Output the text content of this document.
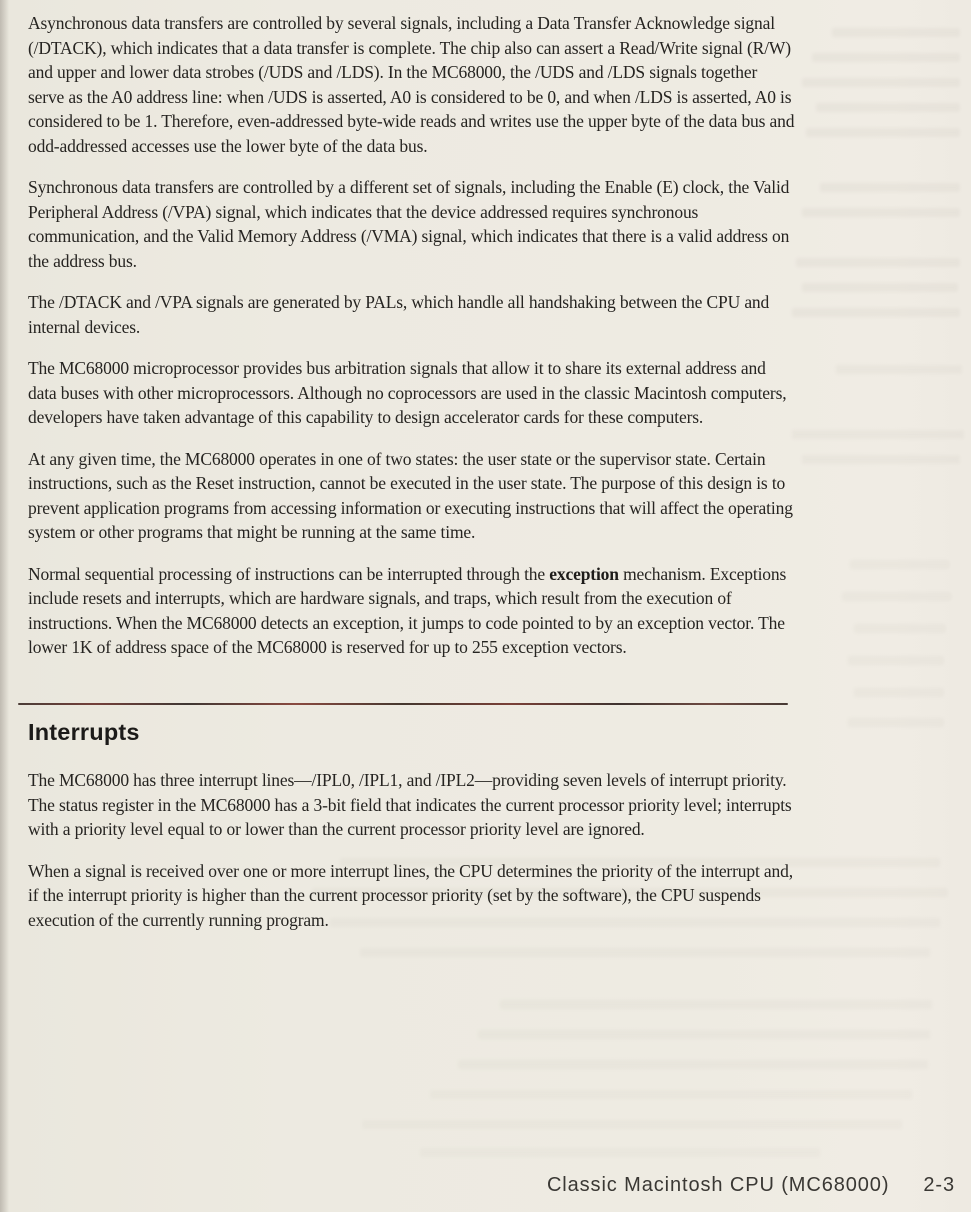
Asynchronous data transfers are controlled by several signals, including a Data Transfer Acknowledge signal (/DTACK), which indicates that a data transfer is complete. The chip also can assert a Read/Write signal (R/W) and upper and lower data strobes (/UDS and /LDS). In the MC68000, the /UDS and /LDS signals together serve as the A0 address line: when /UDS is asserted, A0 is considered to be 0, and when /LDS is asserted, A0 is considered to be 1. Therefore, even-addressed byte-wide reads and writes use the upper byte of the data bus and odd-addressed accesses use the lower byte of the data bus.

Synchronous data transfers are controlled by a different set of signals, including the Enable (E) clock, the Valid Peripheral Address (/VPA) signal, which indicates that the device addressed requires synchronous communication, and the Valid Memory Address (/VMA) signal, which indicates that there is a valid address on the address bus.

The /DTACK and /VPA signals are generated by PALs, which handle all handshaking between the CPU and internal devices.

The MC68000 microprocessor provides bus arbitration signals that allow it to share its external address and data buses with other microprocessors. Although no coprocessors are used in the classic Macintosh computers, developers have taken advantage of this capability to design accelerator cards for these computers.

At any given time, the MC68000 operates in one of two states: the user state or the supervisor state. Certain instructions, such as the Reset instruction, cannot be executed in the user state. The purpose of this design is to prevent application programs from accessing information or executing instructions that will affect the operating system or other programs that might be running at the same time.

Normal sequential processing of instructions can be interrupted through the exception mechanism. Exceptions include resets and interrupts, which are hardware signals, and traps, which result from the execution of instructions. When the MC68000 detects an exception, it jumps to code pointed to by an exception vector. The lower 1K of address space of the MC68000 is reserved for up to 255 exception vectors.

Interrupts

The MC68000 has three interrupt lines—/IPL0, /IPL1, and /IPL2—providing seven levels of interrupt priority. The status register in the MC68000 has a 3-bit field that indicates the current processor priority level; interrupts with a priority level equal to or lower than the current processor priority level are ignored.

When a signal is received over one or more interrupt lines, the CPU determines the priority of the interrupt and, if the interrupt priority is higher than the current processor priority (set by the software), the CPU suspends execution of the currently running program.

Classic Macintosh CPU (MC68000) 2-3
